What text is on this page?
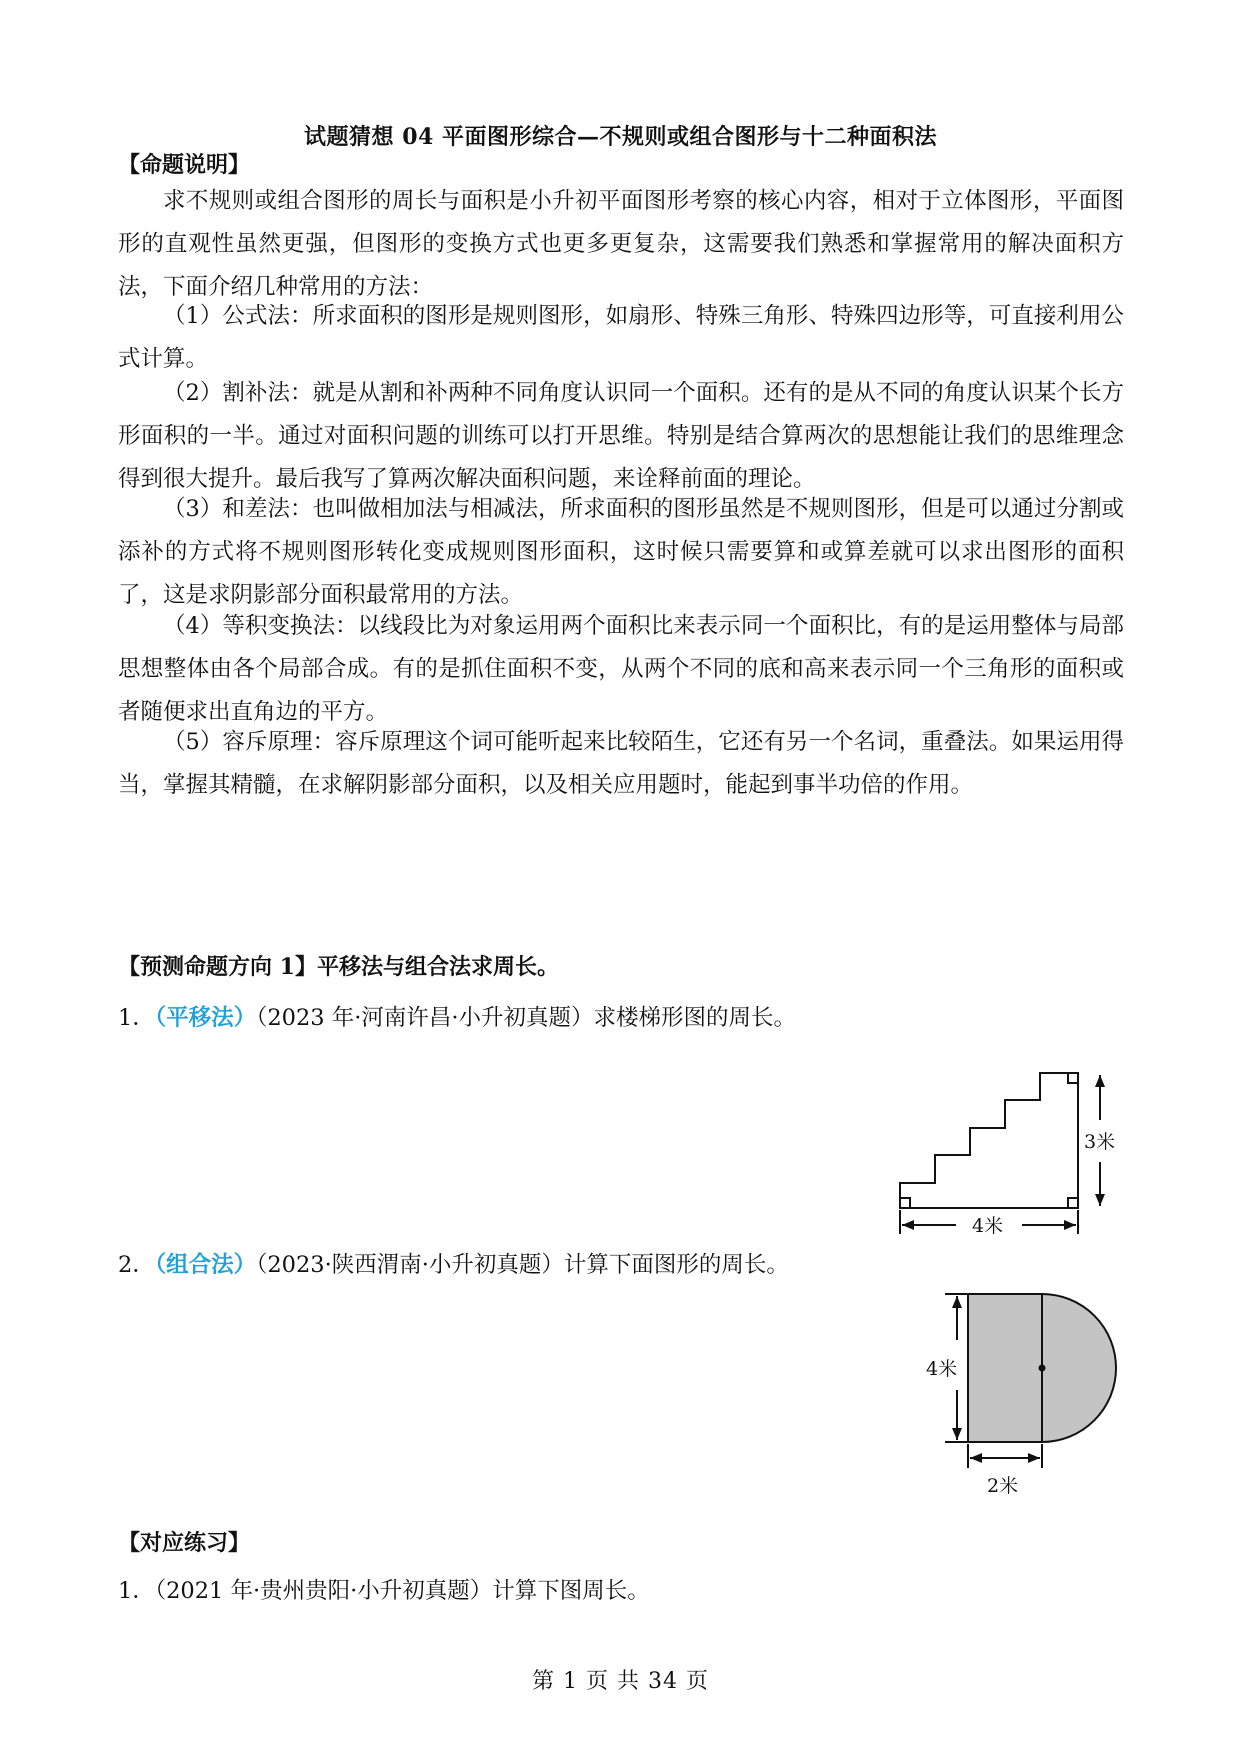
试题猜想 04 平面图形综合—不规则或组合图形与十二种面积法
【命题说明】

求不规则或组合图形的周长与面积是小升初平面图形考察的核心内容，相对于立体图形，平面图形的直观性虽然更强，但图形的变换方式也更多更复杂，这需要我们熟悉和掌握常用的解决面积方法，下面介绍几种常用的方法：

（1）公式法：所求面积的图形是规则图形，如扇形、特殊三角形、特殊四边形等，可直接利用公式计算。

（2）割补法：就是从割和补两种不同角度认识同一个面积。还有的是从不同的角度认识某个长方形面积的一半。通过对面积问题的训练可以打开思维。特别是结合算两次的思想能让我们的思维理念得到很大提升。最后我写了算两次解决面积问题，来诠释前面的理论。

（3）和差法：也叫做相加法与相减法，所求面积的图形虽然是不规则图形，但是可以通过分割或添补的方式将不规则图形转化变成规则图形面积，这时候只需要算和或算差就可以求出图形的面积了，这是求阴影部分面积最常用的方法。

（4）等积变换法：以线段比为对象运用两个面积比来表示同一个面积比，有的是运用整体与局部思想整体由各个局部合成。有的是抓住面积不变，从两个不同的底和高来表示同一个三角形的面积或者随便求出直角边的平方。

（5）容斥原理：容斥原理这个词可能听起来比较陌生，它还有另一个名词，重叠法。如果运用得当，掌握其精髓，在求解阴影部分面积，以及相关应用题时，能起到事半功倍的作用。

【预测命题方向 1】平移法与组合法求周长。
1．（平移法）（2023 年·河南许昌·小升初真题）求楼梯形图的周长。
4米
3米
2．（组合法）（2023·陕西渭南·小升初真题）计算下面图形的周长。
4米
2米
【对应练习】
1．（2021 年·贵州贵阳·小升初真题）计算下图周长。
第 1 页 共 34 页
